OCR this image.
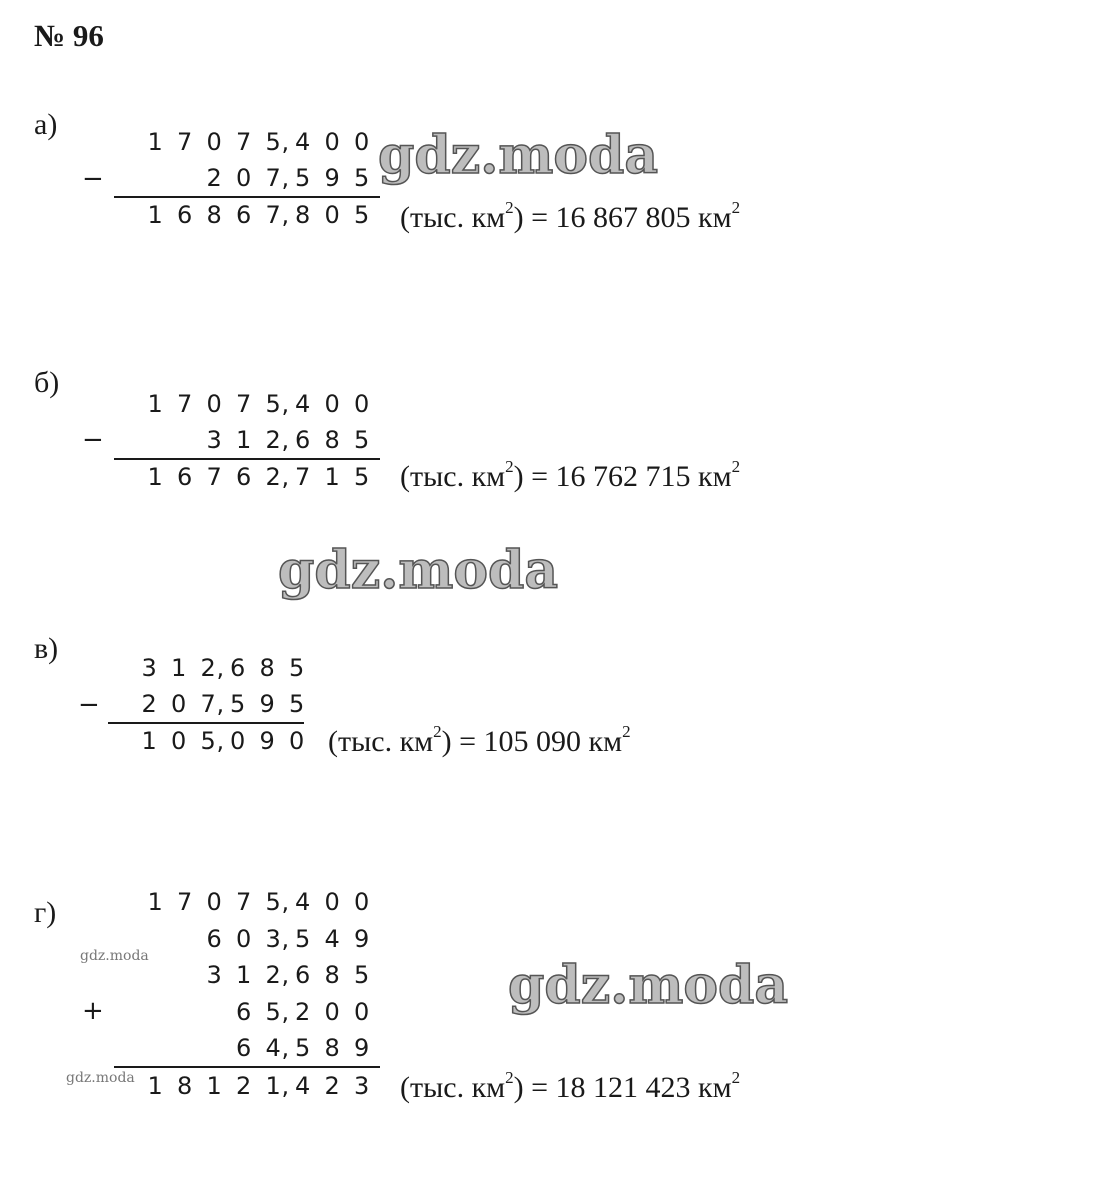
№ 96
а)
1 7 0 7 5 , 4 0 0
−	2 0 7 , 5 9 5
1 6 8 6 7 , 8 0 5 (тыс. $км^2) = 16$ 867 805 $км^2$
gdz.moda
б)
1 7 0 7 5 , 4 0 0
−	3 1 2 , 6 8 5
1 6 7 6 2 , 7 1 5 (тыс. $км^2) = 16$ 762 715 $км^2$
gdz.moda
в)
3 1 2 , 6 8 5
− 2 0 7 , 5 9 5
1 0 5 , 0 9 0 (тыс. $км^2) = 105$ 090 $км^2$
г)	1 7 0 7 5 , 4 0 0
6 0 3 , 5 4 9
3 1 2 , 6 8 5
6 5 , 2 0 0
6 4 , 5 8 9
+
1 8 1 2 1 , 4 2 3 (тыс. $км^2) = 18$ 121 423 $км^2$
gdz.moda
gdz.moda
gdz.moda
